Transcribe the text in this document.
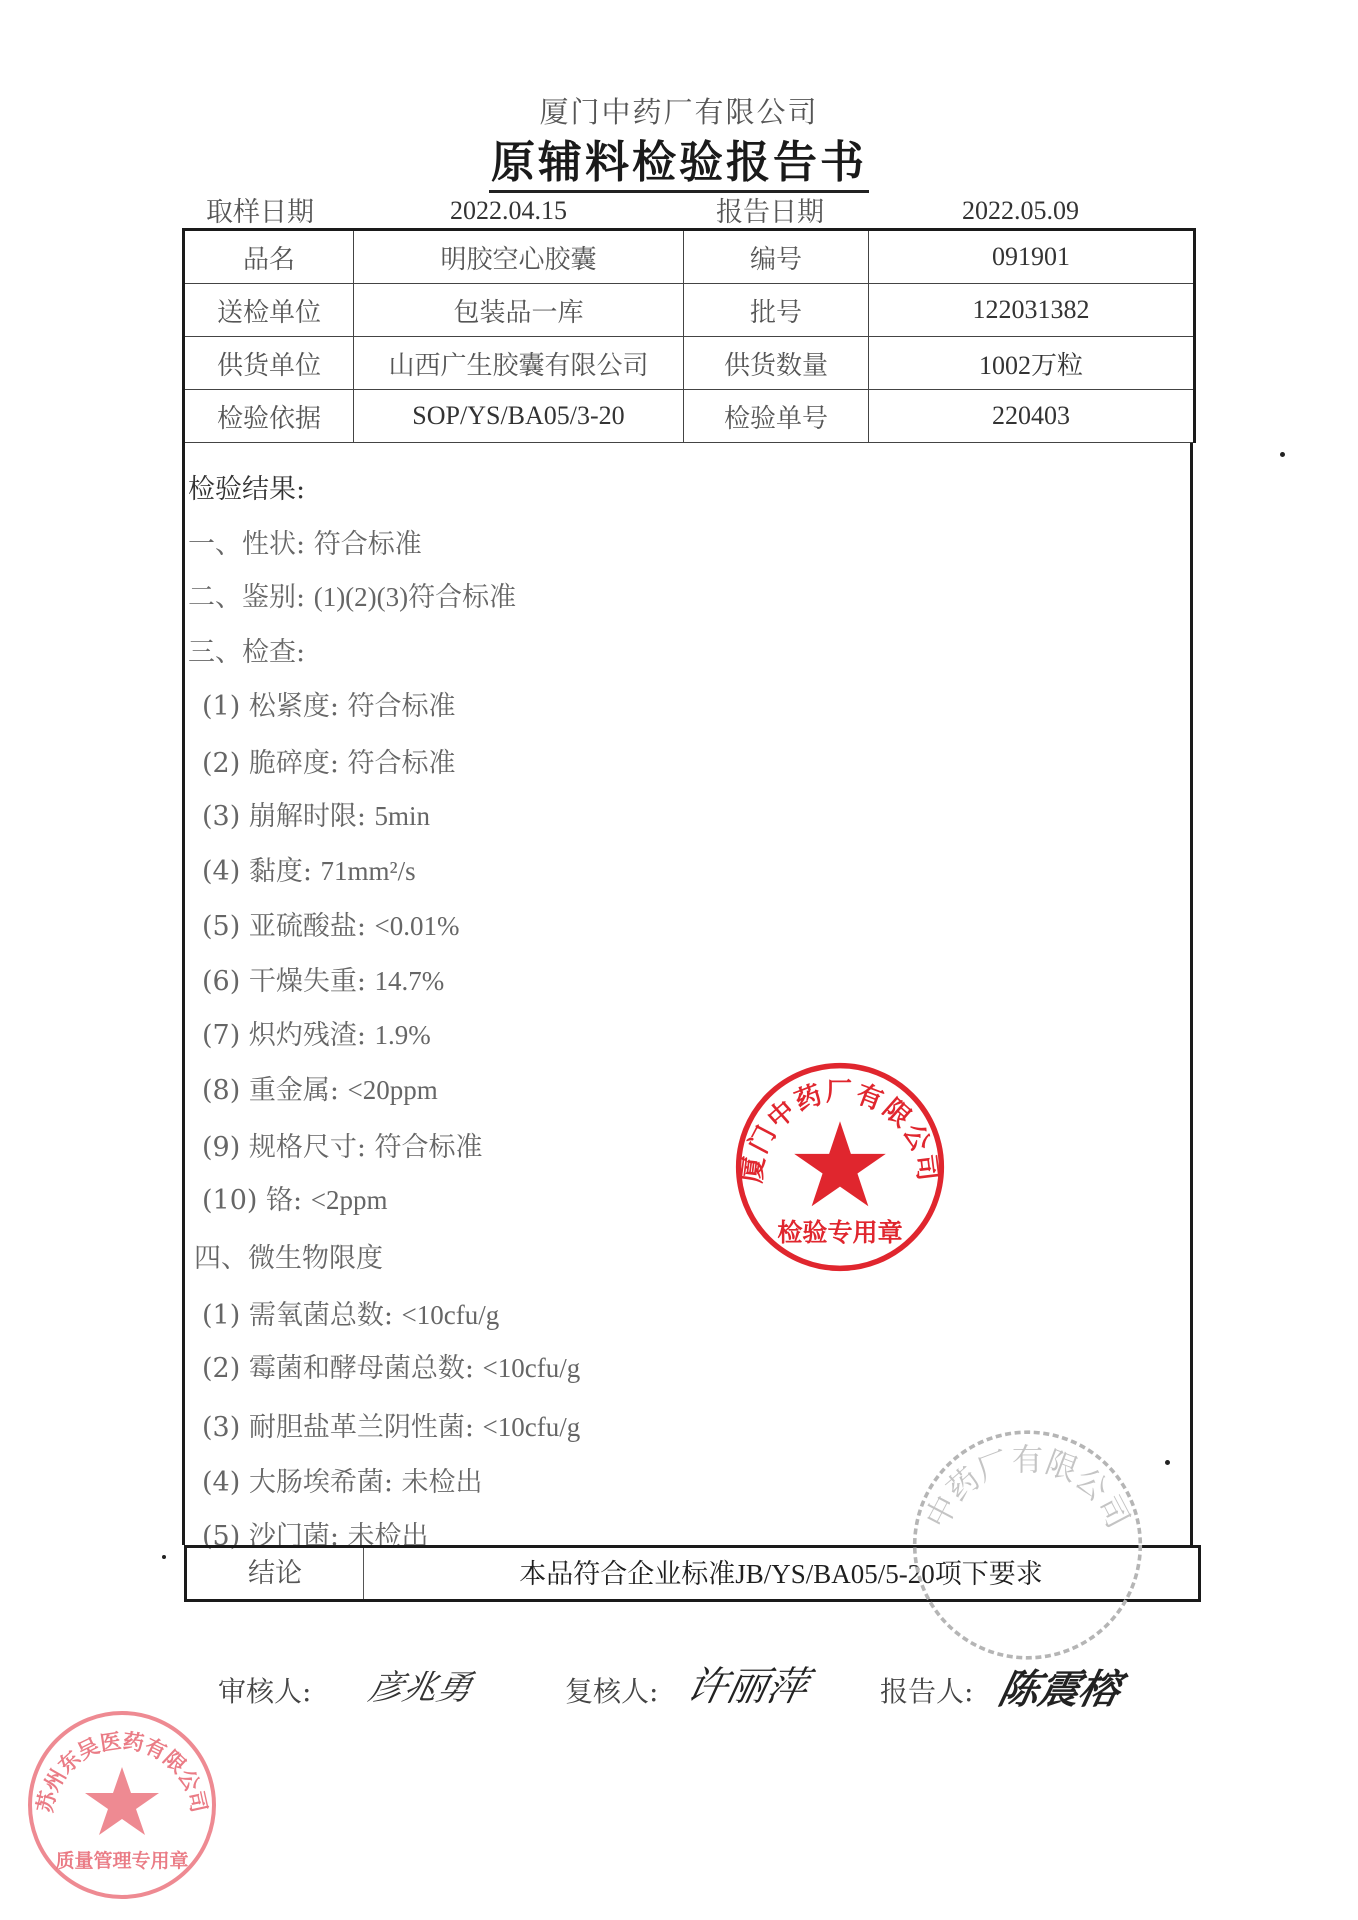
厦门中药厂有限公司
原辅料检验报告书
取样日期	2022.04.15	报告日期	2022.05.09
品名	明胶空心胶囊	编号	091901
送检单位	包装品一库	批号	122031382
供货单位	山西广生胶囊有限公司	供货数量	1002万粒
检验依据	SOP/YS/BA05/3-20	检验单号	220403
检验结果:
一、性状: 符合标准
二、鉴别: (1)(2)(3)符合标准
三、检查:
(1) 松紧度: 符合标准
(2) 脆碎度: 符合标准
(3) 崩解时限: 5min
(4) 黏度: 71mm²/s
(5) 亚硫酸盐: <0.01%
(6) 干燥失重: 14.7%
(7) 炽灼残渣: 1.9%
(8) 重金属: <20ppm
(9) 规格尺寸: 符合标准
(10) 铬: <2ppm
四、微生物限度
(1) 需氧菌总数: <10cfu/g
(2) 霉菌和酵母菌总数: <10cfu/g
(3) 耐胆盐革兰阴性菌: <10cfu/g
(4) 大肠埃希菌: 未检出
(5) 沙门菌: 未检出
结论	本品符合企业标准JB/YS/BA05/5-20项下要求
中药厂有限公司
厦门中药厂有限公司
检验专用章
审核人: 彦兆勇	复核人: 许丽萍 报告人: 陈震榕
苏州东吴医药有限公司
质量管理专用章
